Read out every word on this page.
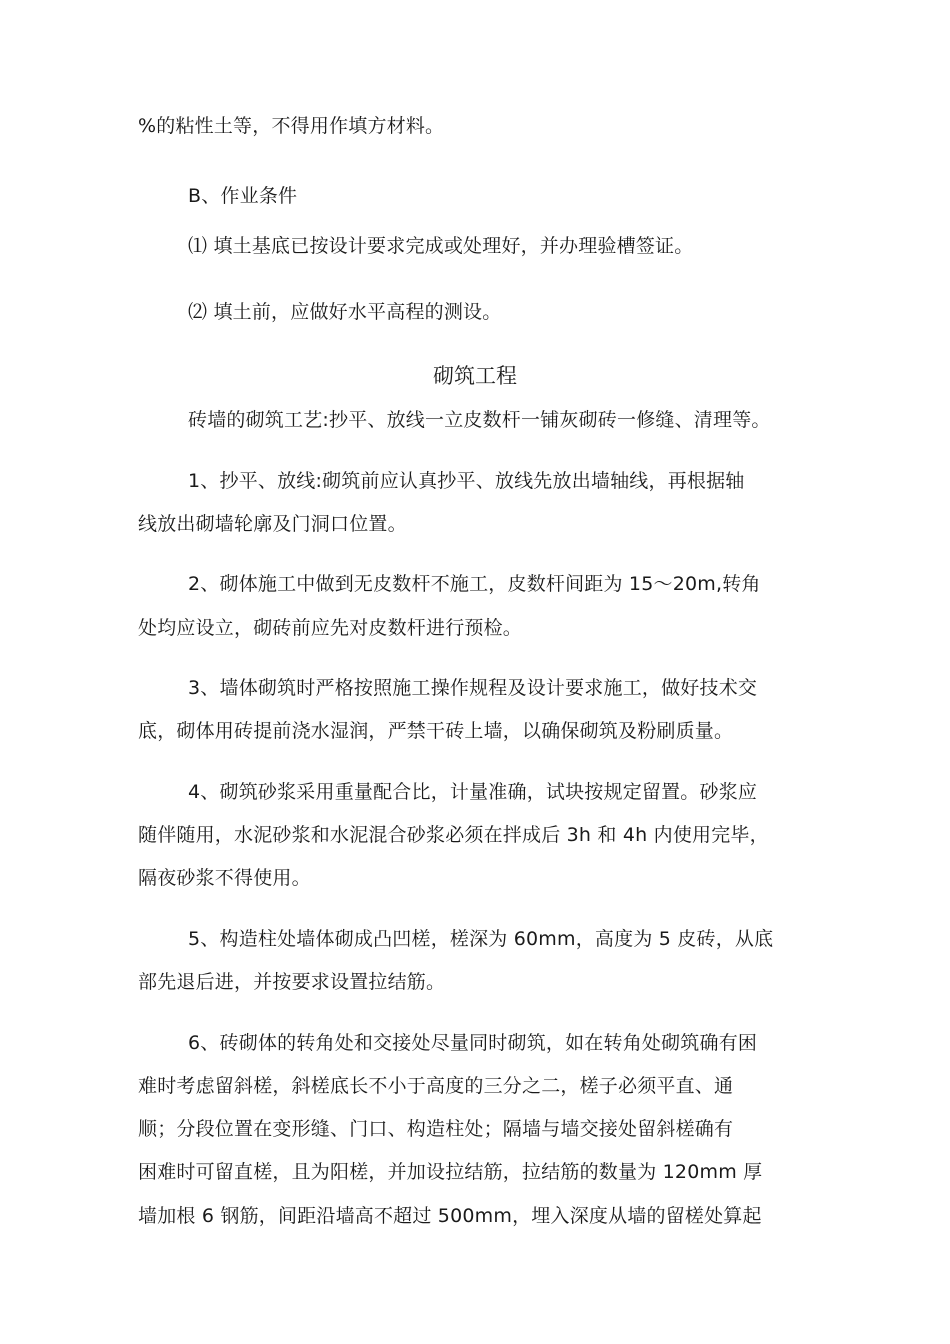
%的粘性土等，不得用作填方材料。
B、作业条件
⑴ 填土基底已按设计要求完成或处理好，并办理验槽签证。
⑵ 填土前，应做好水平高程的测设。
砌筑工程
砖墙的砌筑工艺:抄平、放线一立皮数杆一铺灰砌砖一修缝、清理等。
1、抄平、放线:砌筑前应认真抄平、放线先放出墙轴线，再根据轴
线放出砌墙轮廓及门洞口位置。
2、砌体施工中做到无皮数杆不施工，皮数杆间距为 15〜20m,转角
处均应设立，砌砖前应先对皮数杆进行预检。
3、墙体砌筑时严格按照施工操作规程及设计要求施工，做好技术交
底，砌体用砖提前浇水湿润，严禁干砖上墙，以确保砌筑及粉刷质量。
4、砌筑砂浆采用重量配合比，计量准确，试块按规定留置。砂浆应
随伴随用，水泥砂浆和水泥混合砂浆必须在拌成后 3h 和 4h 内使用完毕，
隔夜砂浆不得使用。
5、构造柱处墙体砌成凸凹槎，槎深为 60mm，高度为 5 皮砖，从底
部先退后进，并按要求设置拉结筋。
6、砖砌体的转角处和交接处尽量同时砌筑，如在转角处砌筑确有困
难时考虑留斜槎，斜槎底长不小于高度的三分之二，槎子必须平直、通
顺；分段位置在变形缝、门口、构造柱处；隔墙与墙交接处留斜槎确有
困难时可留直槎，且为阳槎，并加设拉结筋，拉结筋的数量为 120mm 厚
墙加根 6 钢筋，间距沿墙高不超过 500mm，埋入深度从墙的留槎处算起
